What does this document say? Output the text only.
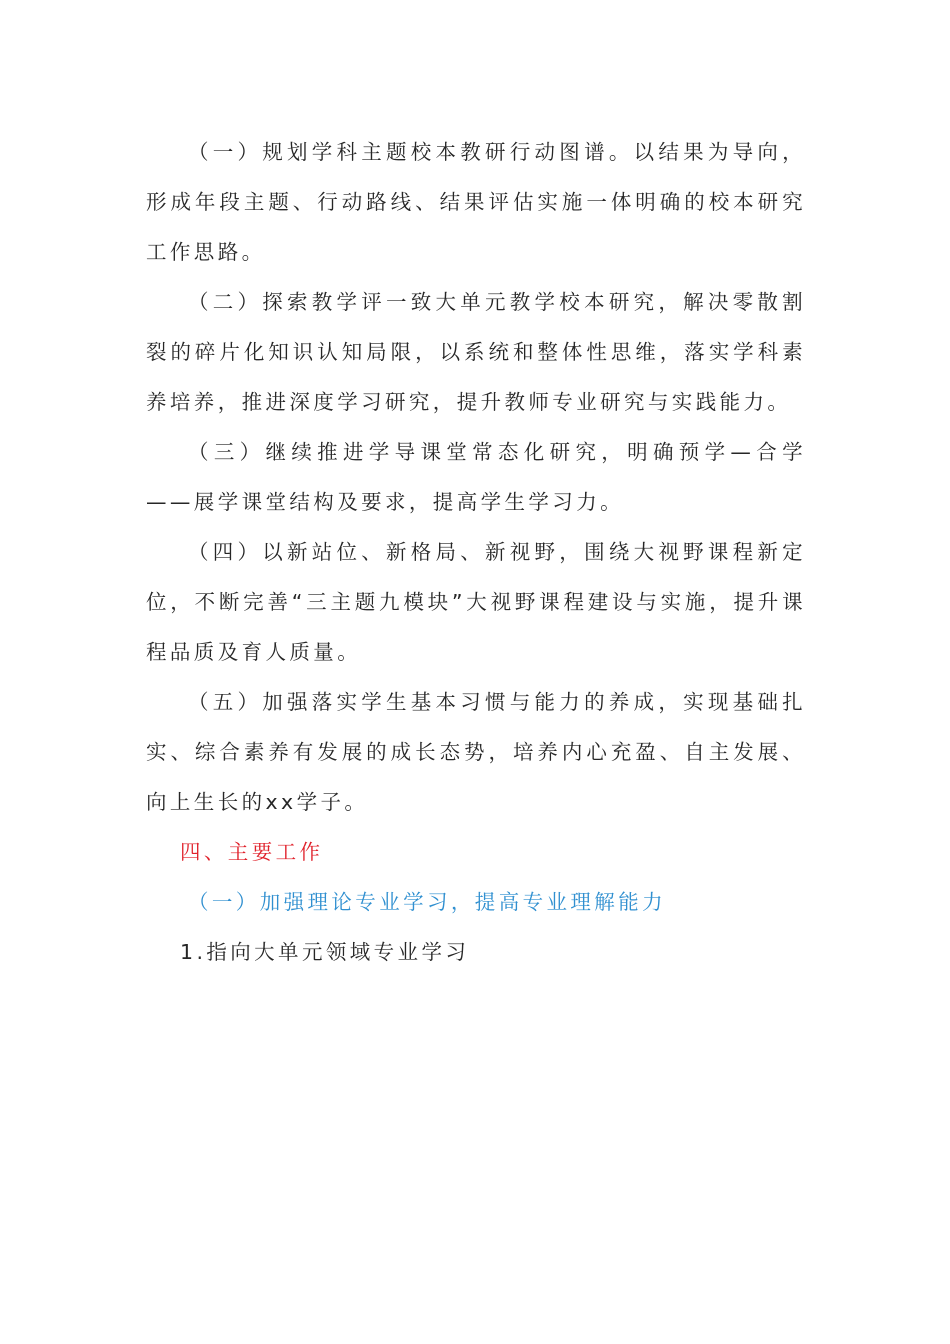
（一）规划学科主题校本教研行动图谱。以结果为导向，形成年段主题、行动路线、结果评估实施一体明确的校本研究工作思路。

（二）探索教学评一致大单元教学校本研究，解决零散割裂的碎片化知识认知局限，以系统和整体性思维，落实学科素养培养，推进深度学习研究，提升教师专业研究与实践能力。

（三）继续推进学导课堂常态化研究，明确预学—合学——展学课堂结构及要求，提高学生学习力。

（四）以新站位、新格局、新视野，围绕大视野课程新定位，不断完善“三主题九模块”大视野课程建设与实施，提升课程品质及育人质量。

（五）加强落实学生基本习惯与能力的养成，实现基础扎实、综合素养有发展的成长态势，培养内心充盈、自主发展、向上生长的xx学子。

四、主要工作

（一）加强理论专业学习，提高专业理解能力

1.指向大单元领域专业学习
